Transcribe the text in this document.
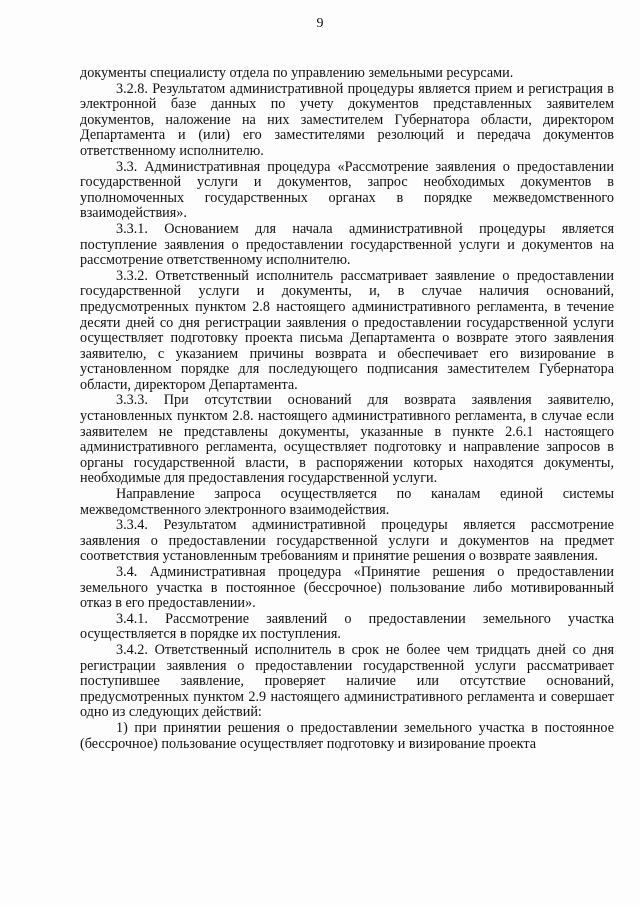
9

документы специалисту отдела по управлению земельными ресурсами.

3.2.8. Результатом административной процедуры является прием и регистрация в электронной базе данных по учету документов представленных заявителем документов, наложение на них заместителем Губернатора области, директором Департамента и (или) его заместителями резолюций и передача документов ответственному исполнителю.

3.3. Административная процедура «Рассмотрение заявления о предоставлении государственной услуги и документов, запрос необходимых документов в уполномоченных государственных органах в порядке межведомственного взаимодействия».

3.3.1. Основанием для начала административной процедуры является поступление заявления о предоставлении государственной услуги и документов на рассмотрение ответственному исполнителю.

3.3.2. Ответственный исполнитель рассматривает заявление о предоставлении государственной услуги и документы, и, в случае наличия оснований, предусмотренных пунктом 2.8 настоящего административного регламента, в течение десяти дней со дня регистрации заявления о предоставлении государственной услуги осуществляет подготовку проекта письма Департамента о возврате этого заявления заявителю, с указанием причины возврата и обеспечивает его визирование в установленном порядке для последующего подписания заместителем Губернатора области, директором Департамента.

3.3.3. При отсутствии оснований для возврата заявления заявителю, установленных пунктом 2.8. настоящего административного регламента, в случае если заявителем не представлены документы, указанные в пункте 2.6.1 настоящего административного регламента, осуществляет подготовку и направление запросов в органы государственной власти, в распоряжении которых находятся документы, необходимые для предоставления государственной услуги.

Направление запроса осуществляется по каналам единой системы межведомственного электронного взаимодействия.

3.3.4. Результатом административной процедуры является рассмотрение заявления о предоставлении государственной услуги и документов на предмет соответствия установленным требованиям и принятие решения о возврате заявления.

3.4. Административная процедура «Принятие решения о предоставлении земельного участка в постоянное (бессрочное) пользование либо мотивированный отказ в его предоставлении».

3.4.1. Рассмотрение заявлений о предоставлении земельного участка осуществляется в порядке их поступления.

3.4.2. Ответственный исполнитель в срок не более чем тридцать дней со дня регистрации заявления о предоставлении государственной услуги рассматривает поступившее заявление, проверяет наличие или отсутствие оснований, предусмотренных пунктом 2.9 настоящего административного регламента и совершает одно из следующих действий:

1) при принятии решения о предоставлении земельного участка в постоянное (бессрочное) пользование осуществляет подготовку и визирование проекта
